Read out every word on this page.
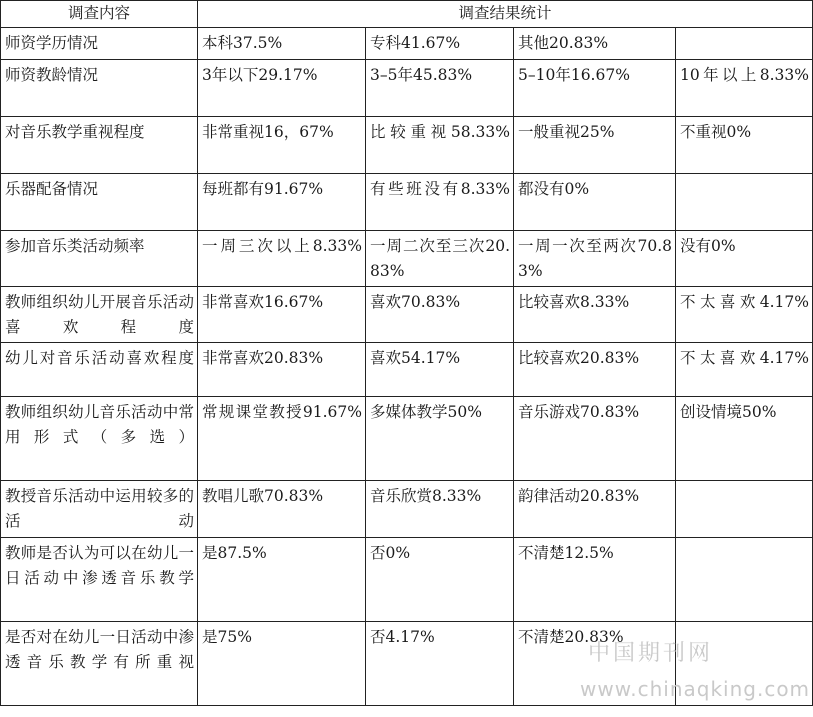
调查内容	调查结果统计			
师资学历情况	本科37.5%	专科41.67%	其他20.83%	
师资教龄情况	3年以下29.17%	3–5年45.83%	5–10年16.67%	10年以上8.33%
对音乐教学重视程度	非常重视16，67%	比较重视58.33%	一般重视25%	不重视0%
乐器配备情况	每班都有91.67%	有些班没有8.33%	都没有0%	
参加音乐类活动频率	一周三次以上8.33%	一周二次至三次20.83%	一周一次至两次70.83%	没有0%
教师组织幼儿开展音乐活动喜欢程度	非常喜欢16.67%	喜欢70.83%	比较喜欢8.33%	不太喜欢4.17%
幼儿对音乐活动喜欢程度	非常喜欢20.83%	喜欢54.17%	比较喜欢20.83%	不太喜欢4.17%
教师组织幼儿音乐活动中常用形式（多选）	常规课堂教授91.67%	多媒体教学50%	音乐游戏70.83%	创设情境50%
教授音乐活动中运用较多的活动	教唱儿歌70.83%	音乐欣赏8.33%	韵律活动20.83%	
教师是否认为可以在幼儿一日活动中渗透音乐教学	是87.5%	否0%	不清楚12.5%	
是否对在幼儿一日活动中渗透音乐教学有所重视	是75%	否4.17%	不清楚20.83%	
中国期刊网
www.chinaqking.com
